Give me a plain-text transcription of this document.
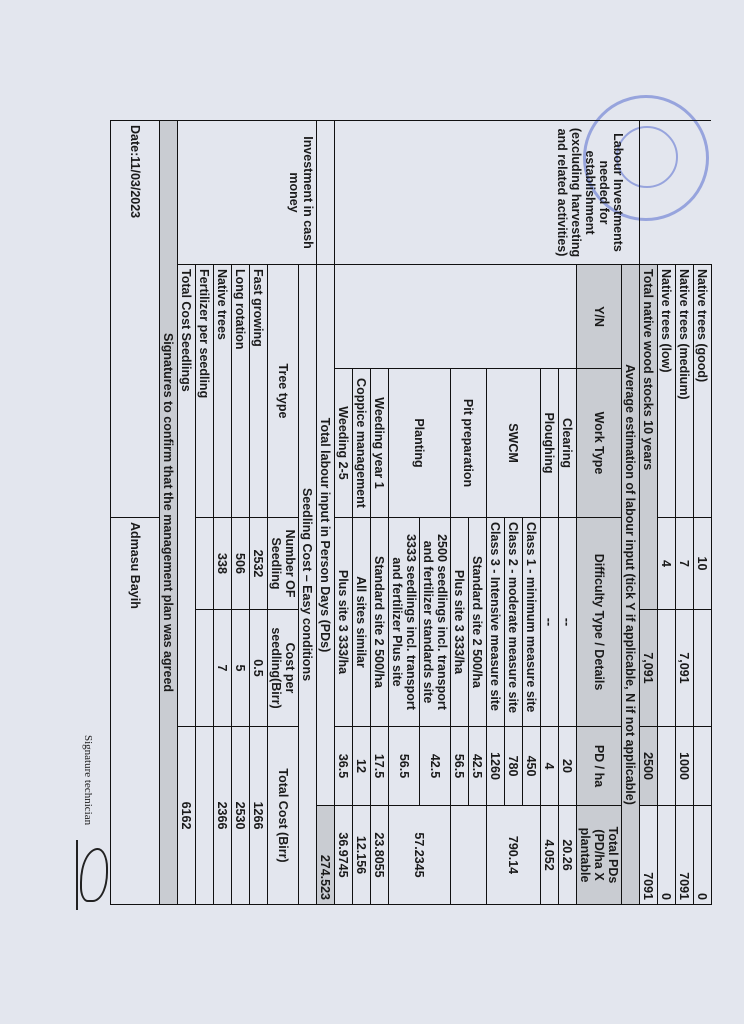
	Native trees (good)		10			0
	Native trees (medium)		7	7,091	1000	7091
	Native trees (low)		4			0
	Total native wood stocks 10 years			7,091	2500	7091
Labour Investments needed for establishment (excluding harvesting and related activities)	Average estimation of labour input (tick Y if applicable, N if not applicable)					
	Y/N	Work Type	Difficulty Type / Details		PD / ha	Total PDs (PD/ha X plantable
		Clearing	--		20	20.26
		Ploughing	--		4	4.052
		SWCM	Class 1 - minimum measure site		450	790.14
			Class 2 - moderate measure site		780	
			Class 3 - Intensive measure site		1260	
		Pit preparation	Standard site 2 500/ha		42.5	
			Plus site 3 333/ha		56.5	
		Planting	2500 seedlings incl. transport and fertilizer standards site		42.5	57.2345
			3333 seedlings incl. transport and fertilizer Plus site		56.5	
		Weeding year 1	Standard site 2 500/ha		17.5	23.8055
		Coppice management	All sites similar		12	12.156
		Weeding 2-5	Plus site 3 333/ha		36.5	36.9745
	Total labour input in Person Days (PDs)					274.523
Investment in cash money	Seedling Cost – Easy conditions					
	Tree type		Number OF Seedling	Cost per seedling(Birr)	Total Cost (Birr)	
	Fast growing		2532	0.5	1266	
	Long rotation		506	5	2530	
	Native trees		338	7	2366	
	Fertilizer per seedling					
	Total Cost Seedlings				6162	
Signatures to confirm that the management plan was agreed						
Date:11/03/2023			Admasu Bayih			
Signature technician
